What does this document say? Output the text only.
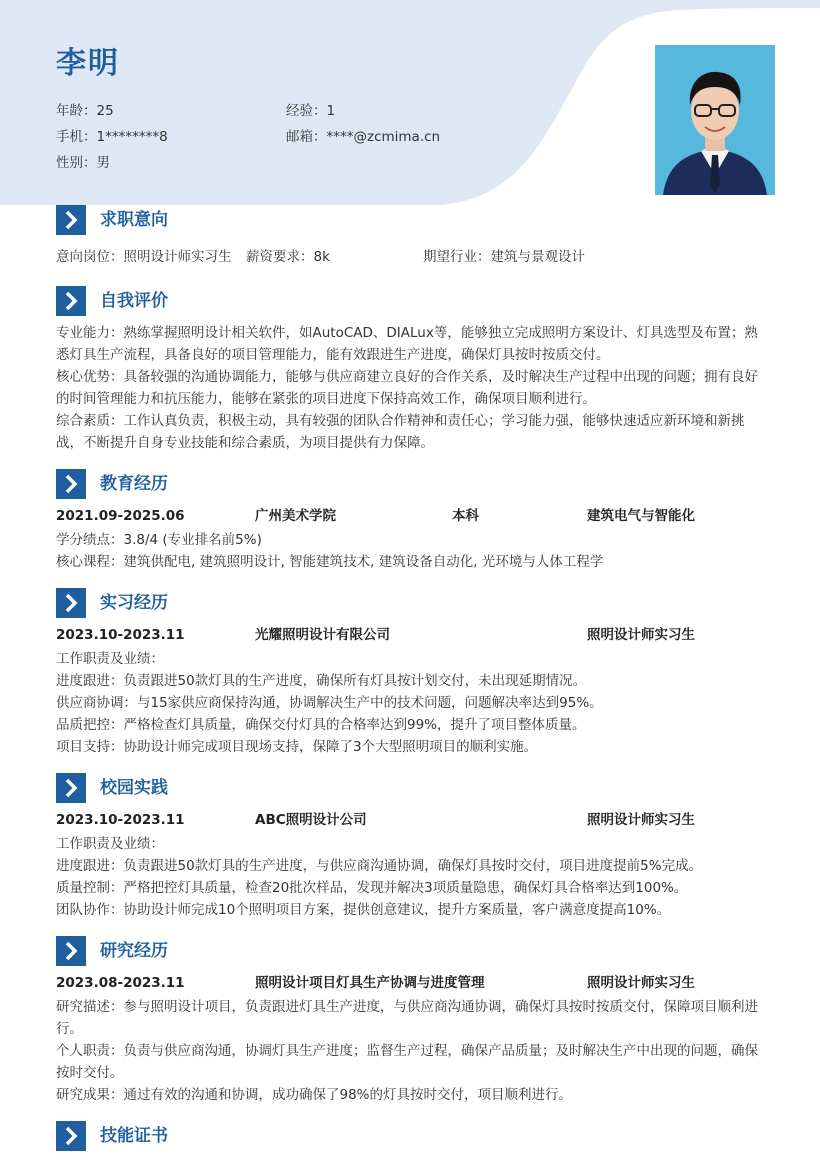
李明
年龄：25	经验：1
手机：1********8	邮箱：****@zcmima.cn
性别：男
求职意向
意向岗位：照明设计师实习生 薪资要求：8k	期望行业：建筑与景观设计
自我评价
专业能力：熟练掌握照明设计相关软件，如AutoCAD、DIALux等，能够独立完成照明方案设计、灯具选型及布置；熟悉灯具生产流程，具备良好的项目管理能力，能有效跟进生产进度，确保灯具按时按质交付。
核心优势：具备较强的沟通协调能力，能够与供应商建立良好的合作关系，及时解决生产过程中出现的问题；拥有良好的时间管理能力和抗压能力，能够在紧张的项目进度下保持高效工作，确保项目顺利进行。
综合素质：工作认真负责，积极主动，具有较强的团队合作精神和责任心；学习能力强，能够快速适应新环境和新挑战，不断提升自身专业技能和综合素质，为项目提供有力保障。
教育经历
2021.09-2025.06	广州美术学院	本科	建筑电气与智能化
学分绩点：3.8/4 (专业排名前5%)
核心课程：建筑供配电, 建筑照明设计, 智能建筑技术, 建筑设备自动化, 光环境与人体工程学
实习经历
2023.10-2023.11	光耀照明设计有限公司	照明设计师实习生
工作职责及业绩：
进度跟进：负责跟进50款灯具的生产进度，确保所有灯具按计划交付，未出现延期情况。
供应商协调：与15家供应商保持沟通，协调解决生产中的技术问题，问题解决率达到95%。
品质把控：严格检查灯具质量，确保交付灯具的合格率达到99%，提升了项目整体质量。
项目支持：协助设计师完成项目现场支持，保障了3个大型照明项目的顺利实施。
校园实践
2023.10-2023.11	ABC照明设计公司	照明设计师实习生
工作职责及业绩：
进度跟进：负责跟进50款灯具的生产进度，与供应商沟通协调，确保灯具按时交付，项目进度提前5%完成。
质量控制：严格把控灯具质量，检查20批次样品，发现并解决3项质量隐患，确保灯具合格率达到100%。
团队协作：协助设计师完成10个照明项目方案，提供创意建议，提升方案质量，客户满意度提高10%。
研究经历
2023.08-2023.11	照明设计项目灯具生产协调与进度管理	照明设计师实习生
研究描述：参与照明设计项目，负责跟进灯具生产进度，与供应商沟通协调，确保灯具按时按质交付，保障项目顺利进行。
个人职责：负责与供应商沟通，协调灯具生产进度；监督生产过程，确保产品质量；及时解决生产中出现的问题，确保按时交付。
研究成果：通过有效的沟通和协调，成功确保了98%的灯具按时交付，项目顺利进行。
技能证书
